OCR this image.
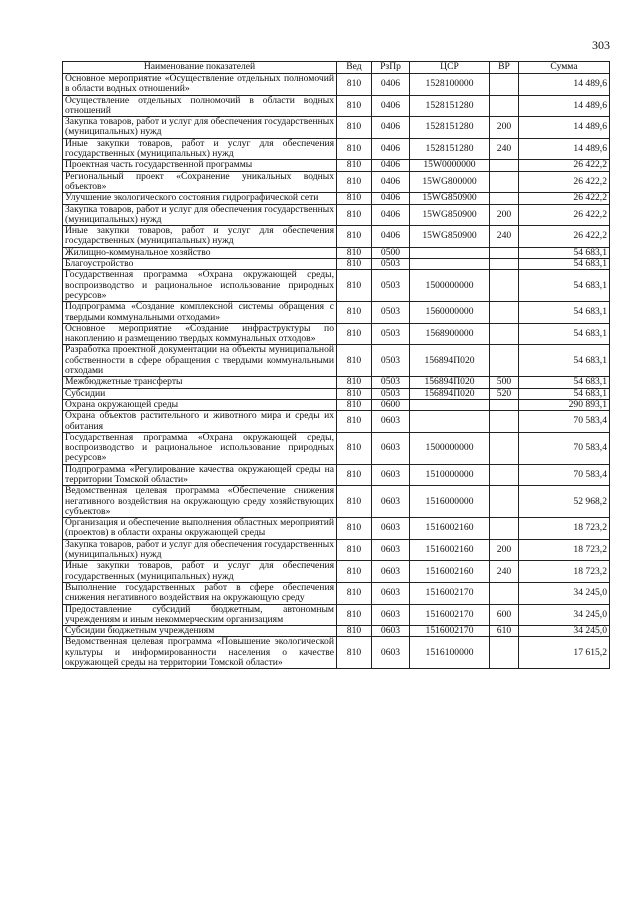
303
Наименование показателей	Вед	РзПр	ЦСР	ВР	Сумма
Основное мероприятие «Осуществление отдельных полномочий в области водных отношений»	810	0406	1528100000		14 489,6
Осуществление отдельных полномочий в области водных отношений	810	0406	1528151280		14 489,6
Закупка товаров, работ и услуг для обеспечения государственных (муниципальных) нужд	810	0406	1528151280	200	14 489,6
Иные закупки товаров, работ и услуг для обеспечения государственных (муниципальных) нужд	810	0406	1528151280	240	14 489,6
Проектная часть государственной программы	810	0406	15W0000000		26 422,2
Региональный проект «Сохранение уникальных водных объектов»	810	0406	15WG800000		26 422,2
Улучшение экологического состояния гидрографической сети	810	0406	15WG850900		26 422,2
Закупка товаров, работ и услуг для обеспечения государственных (муниципальных) нужд	810	0406	15WG850900	200	26 422,2
Иные закупки товаров, работ и услуг для обеспечения государственных (муниципальных) нужд	810	0406	15WG850900	240	26 422,2
Жилищно-коммунальное хозяйство	810	0500			54 683,1
Благоустройство	810	0503			54 683,1
Государственная программа «Охрана окружающей среды, воспроизводство и рациональное использование природных ресурсов»	810	0503	1500000000		54 683,1
Подпрограмма «Создание комплексной системы обращения с твердыми коммунальными отходами»	810	0503	1560000000		54 683,1
Основное мероприятие «Создание инфраструктуры по накоплению и размещению твердых коммунальных отходов»	810	0503	1568900000		54 683,1
Разработка проектной документации на объекты муниципальной собственности в сфере обращения с твердыми коммунальными отходами	810	0503	156894П020		54 683,1
Межбюджетные трансферты	810	0503	156894П020	500	54 683,1
Субсидии	810	0503	156894П020	520	54 683,1
Охрана окружающей среды	810	0600			290 893,1
Охрана объектов растительного и животного мира и среды их обитания	810	0603			70 583,4
Государственная программа «Охрана окружающей среды, воспроизводство и рациональное использование природных ресурсов»	810	0603	1500000000		70 583,4
Подпрограмма «Регулирование качества окружающей среды на территории Томской области»	810	0603	1510000000		70 583,4
Ведомственная целевая программа «Обеспечение снижения негативного воздействия на окружающую среду хозяйствующих субъектов»	810	0603	1516000000		52 968,2
Организация и обеспечение выполнения областных мероприятий (проектов) в области охраны окружающей среды	810	0603	1516002160		18 723,2
Закупка товаров, работ и услуг для обеспечения государственных (муниципальных) нужд	810	0603	1516002160	200	18 723,2
Иные закупки товаров, работ и услуг для обеспечения государственных (муниципальных) нужд	810	0603	1516002160	240	18 723,2
Выполнение государственных работ в сфере обеспечения снижения негативного воздействия на окружающую среду	810	0603	1516002170		34 245,0
Предоставление субсидий бюджетным, автономным учреждениям и иным некоммерческим организациям	810	0603	1516002170	600	34 245,0
Субсидии бюджетным учреждениям	810	0603	1516002170	610	34 245,0
Ведомственная целевая программа «Повышение экологической культуры и информированности населения о качестве окружающей среды на территории Томской области»	810	0603	1516100000		17 615,2
